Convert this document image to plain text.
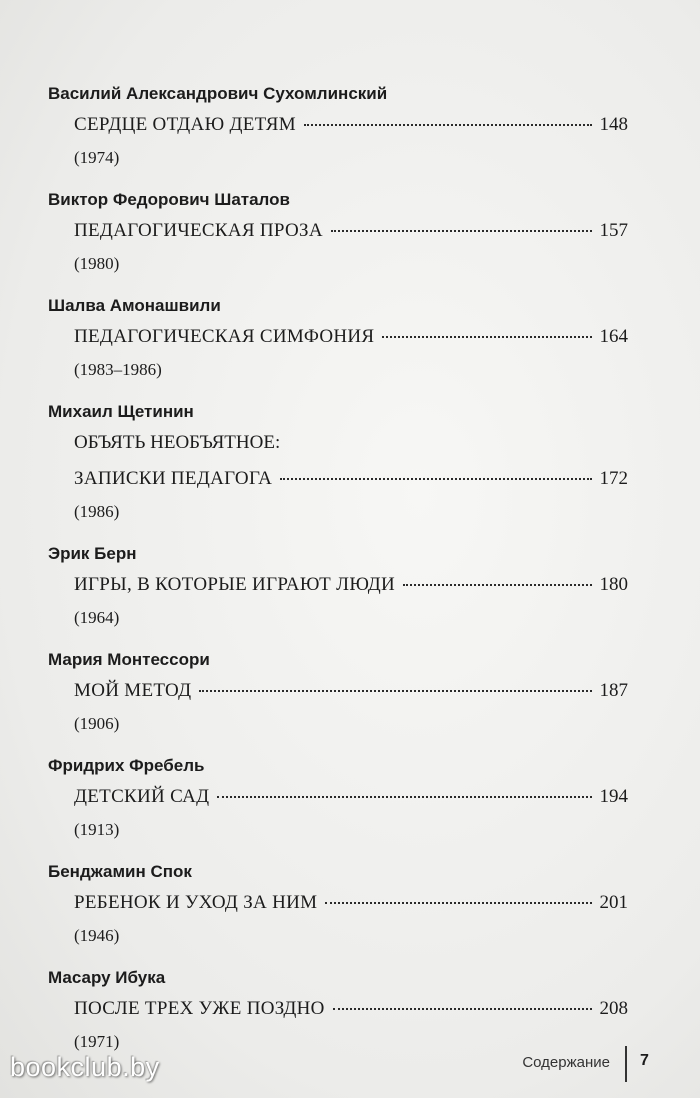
Василий Александрович Сухомлинский
СЕРДЦЕ ОТДАЮ ДЕТЯМ	148
(1974)
Виктор Федорович Шаталов
ПЕДАГОГИЧЕСКАЯ ПРОЗА	157
(1980)
Шалва Амонашвили
ПЕДАГОГИЧЕСКАЯ СИМФОНИЯ	164
(1983–1986)
Михаил Щетинин
ОБЪЯТЬ НЕОБЪЯТНОЕ:
ЗАПИСКИ ПЕДАГОГА	172
(1986)
Эрик Берн
ИГРЫ, В КОТОРЫЕ ИГРАЮТ ЛЮДИ	180
(1964)
Мария Монтессори
МОЙ МЕТОД	187
(1906)
Фридрих Фребель
ДЕТСКИЙ САД	194
(1913)
Бенджамин Спок
РЕБЕНОК И УХОД ЗА НИМ	201
(1946)
Масару Ибука
ПОСЛЕ ТРЕХ УЖЕ ПОЗДНО	208
(1971)
Содержание 7
bookclub.by
